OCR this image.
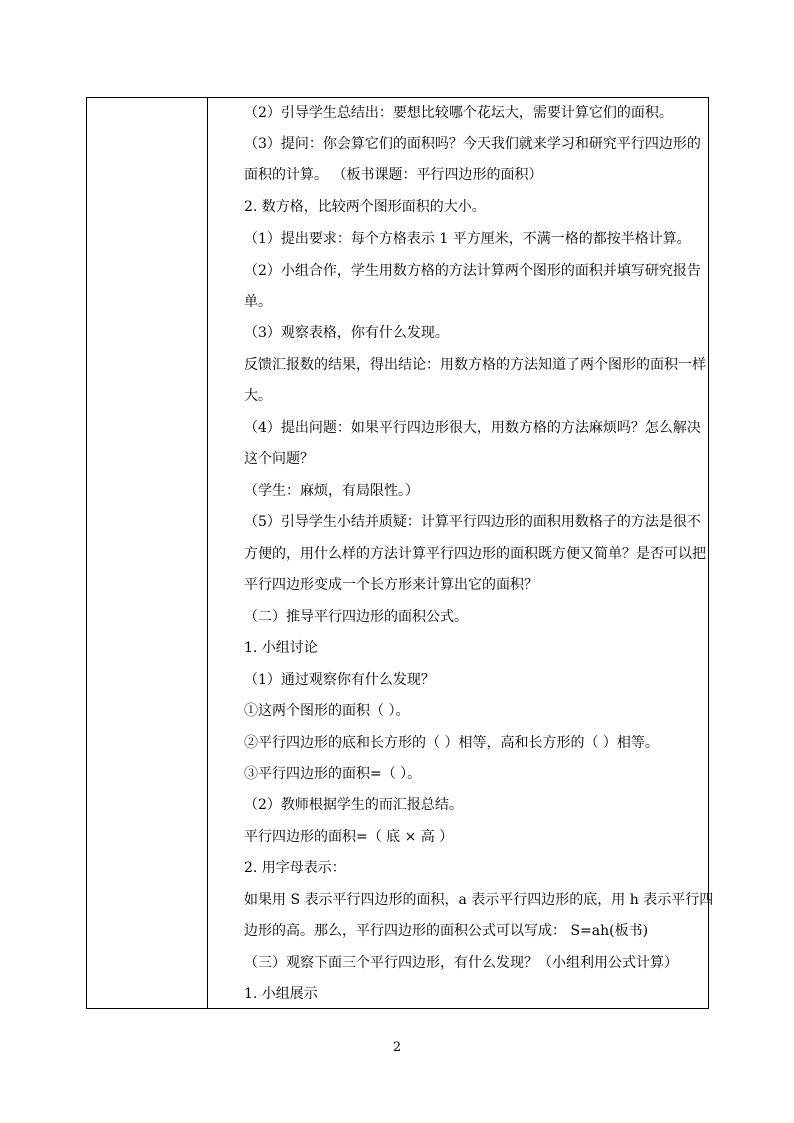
（2）引导学生总结出：要想比较哪个花坛大，需要计算它们的面积。
（3）提问：你会算它们的面积吗？今天我们就来学习和研究平行四边形的
面积的计算。 （板书课题：平行四边形的面积）
2. 数方格，比较两个图形面积的大小。
（1）提出要求：每个方格表示 1 平方厘米，不满一格的都按半格计算。
（2）小组合作，学生用数方格的方法计算两个图形的面积并填写研究报告
单。
（3）观察表格，你有什么发现。
反馈汇报数的结果，得出结论：用数方格的方法知道了两个图形的面积一样
大。
（4）提出问题：如果平行四边形很大，用数方格的方法麻烦吗？怎么解决
这个问题？
（学生：麻烦，有局限性。）
（5）引导学生小结并质疑：计算平行四边形的面积用数格子的方法是很不
方便的，用什么样的方法计算平行四边形的面积既方便又简单？是否可以把
平行四边形变成一个长方形来计算出它的面积？
（二）推导平行四边形的面积公式。
1. 小组讨论
（1）通过观察你有什么发现？
①这两个图形的面积（ ）。
②平行四边形的底和长方形的（ ）相等，高和长方形的（ ）相等。
③平行四边形的面积=（ ）。
（2）教师根据学生的而汇报总结。
平行四边形的面积=（ 底 × 高 ）
2. 用字母表示：
如果用 S 表示平行四边形的面积，a 表示平行四边形的底，用 h 表示平行四
边形的高。那么，平行四边形的面积公式可以写成： S=ah(板书)
（三）观察下面三个平行四边形，有什么发现？（小组利用公式计算）
1. 小组展示
2
